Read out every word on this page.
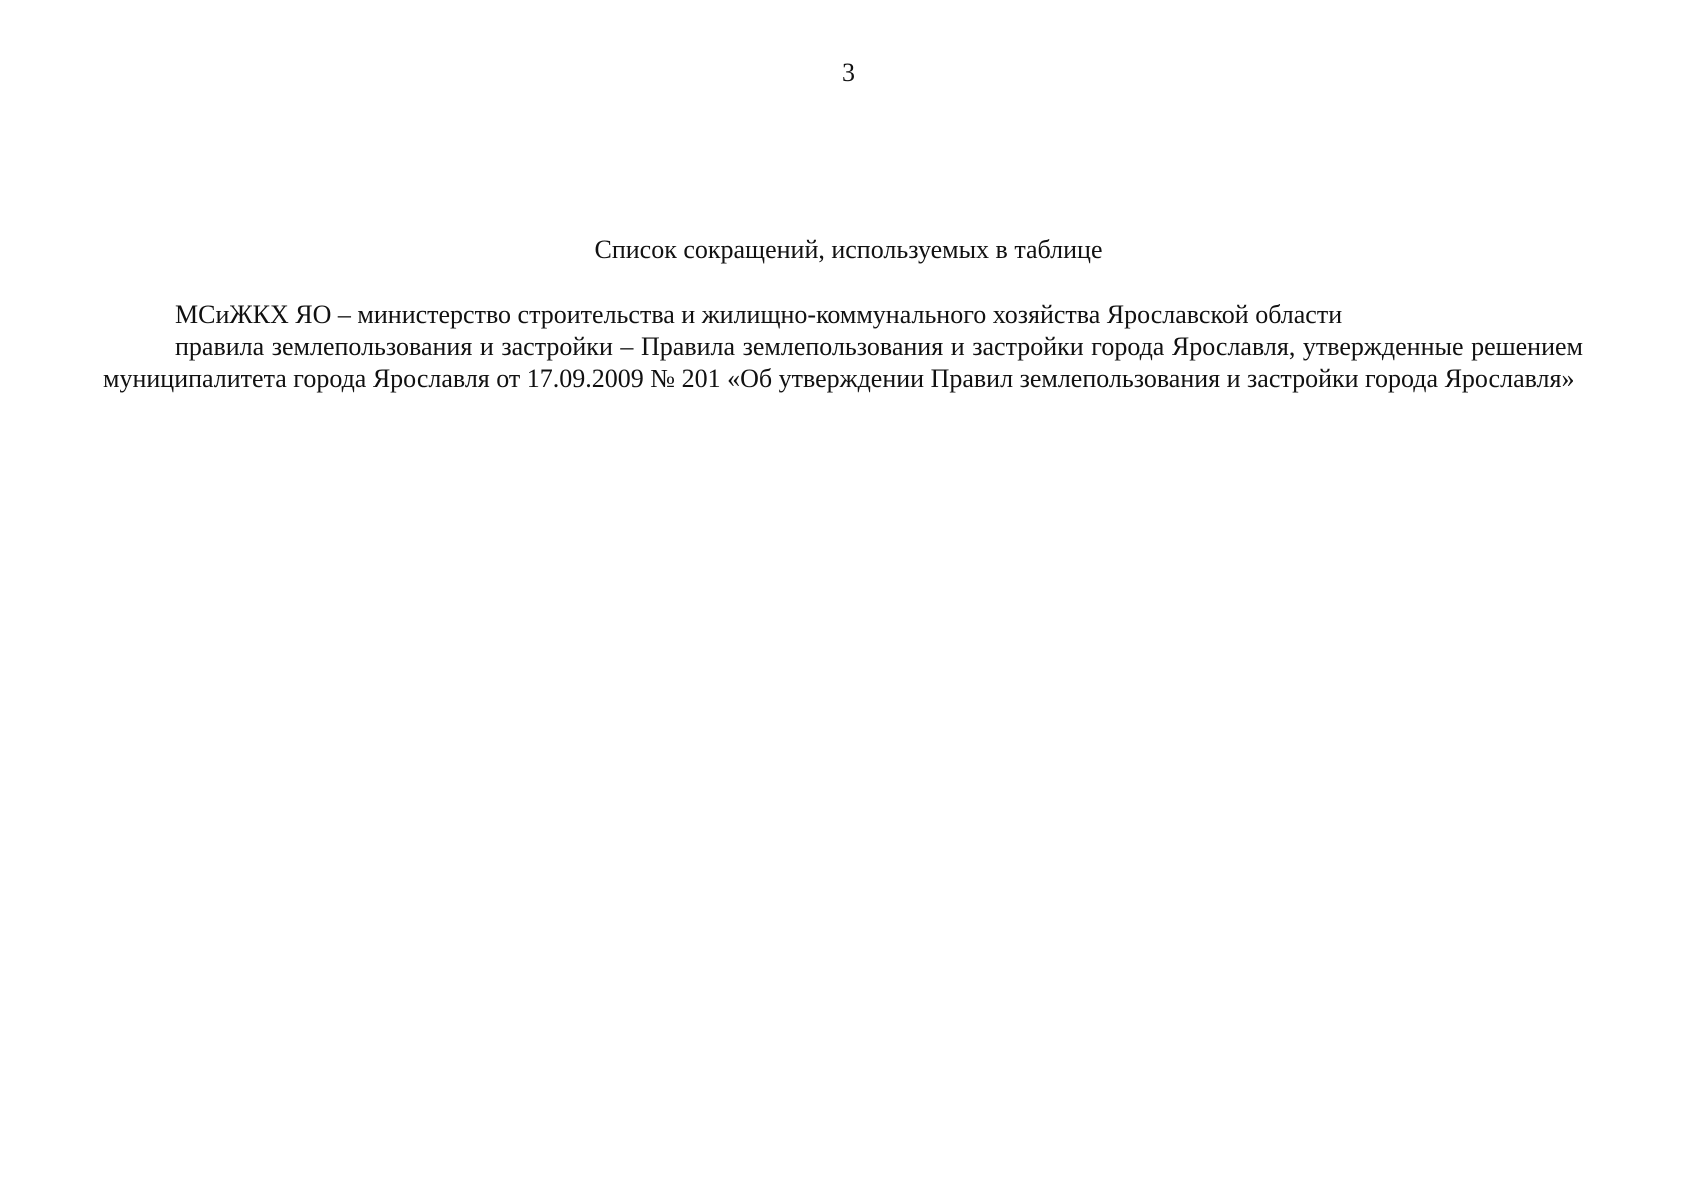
3
Список сокращений, используемых в таблице

МСиЖКХ ЯО – министерство строительства и жилищно-коммунального хозяйства Ярославской области

правила землепользования и застройки – Правила землепользования и застройки города Ярославля, утвержденные решением муниципалитета города Ярославля от 17.09.2009 № 201 «Об утверждении Правил землепользования и застройки города Ярославля»
